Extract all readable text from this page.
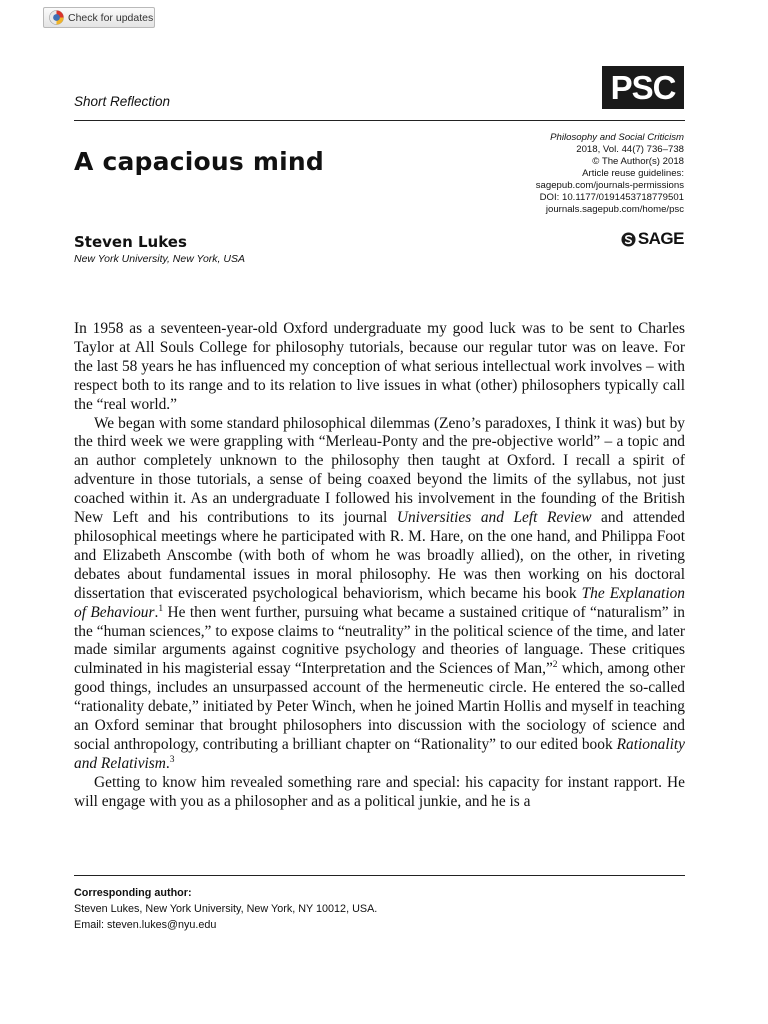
Check for updates
Short Reflection	PSC
A capacious mind
Philosophy and Social Criticism
2018, Vol. 44(7) 736–738
© The Author(s) 2018
Article reuse guidelines:
sagepub.com/journals-permissions
DOI: 10.1177/0191453718779501
journals.sagepub.com/home/psc
SAGE
Steven Lukes
New York University, New York, USA

In 1958 as a seventeen-year-old Oxford undergraduate my good luck was to be sent to Charles Taylor at All Souls College for philosophy tutorials, because our regular tutor was on leave. For the last 58 years he has influenced my conception of what serious intellectual work involves – with respect both to its range and to its relation to live issues in what (other) philosophers typically call the “real world.”

We began with some standard philosophical dilemmas (Zeno’s paradoxes, I think it was) but by the third week we were grappling with “Merleau-Ponty and the pre-objective world” – a topic and an author completely unknown to the philosophy then taught at Oxford. I recall a spirit of adventure in those tutorials, a sense of being coaxed beyond the limits of the syllabus, not just coached within it. As an undergraduate I followed his involvement in the founding of the British New Left and his contributions to its journal Universities and Left Review and attended philosophical meetings where he participated with R. M. Hare, on the one hand, and Philippa Foot and Elizabeth Anscombe (with both of whom he was broadly allied), on the other, in riveting debates about fundamental issues in moral philosophy. He was then working on his doctoral dissertation that eviscerated psychological behaviorism, which became his book The Explanation of Behaviour.$^1$ He then went further, pursuing what became a sustained critique of “naturalism” in the “human sciences,” to expose claims to “neutrality” in the political science of the time, and later made similar arguments against cognitive psychology and theories of language. These critiques culminated in his magisterial essay “Interpretation and the Sciences of Man,”$^2$ which, among other good things, includes an unsurpassed account of the hermeneutic circle. He entered the so-called “rationality debate,” initiated by Peter Winch, when he joined Martin Hollis and myself in teaching an Oxford seminar that brought philosophers into discussion with the sociology of science and social anthropology, contributing a brilliant chapter on “Rationality” to our edited book Rationality and Relativism.$^3$

Getting to know him revealed something rare and special: his capacity for instant rapport. He will engage with you as a philosopher and as a political junkie, and he is a

Corresponding author:
Steven Lukes, New York University, New York, NY 10012, USA.
Email: steven.lukes@nyu.edu
